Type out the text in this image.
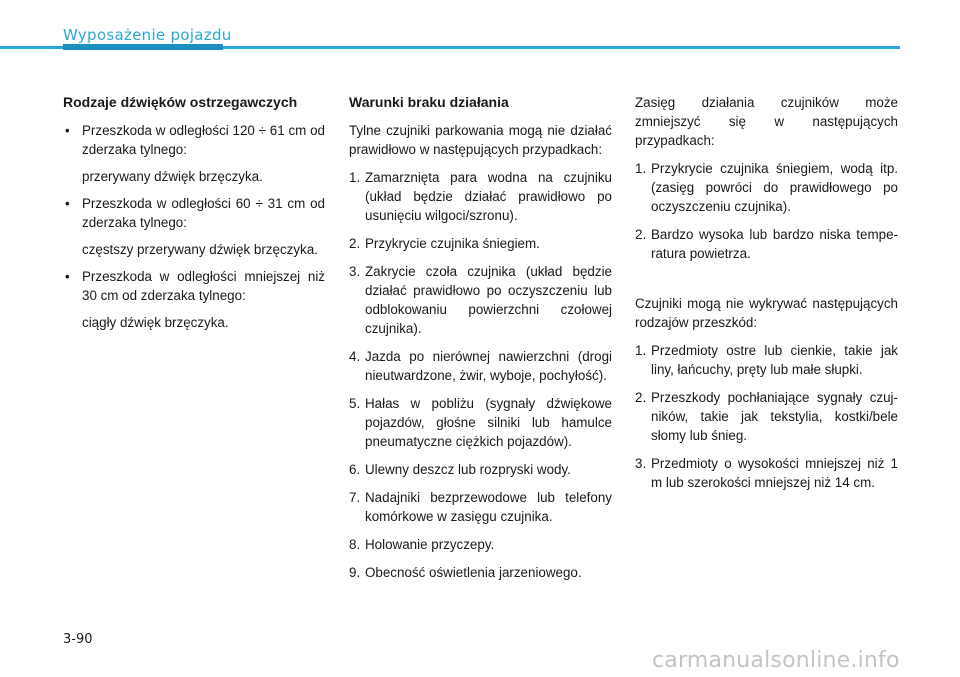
Wyposażenie pojazdu
Rodzaje dźwięków ostrzegawczych
• Przeszkoda w odległości 120 ÷ 61 cm od zderzaka tylnego:
przerywany dźwięk brzęczyka.
• Przeszkoda w odległości 60 ÷ 31 cm od zderzaka tylnego:
częstszy przerywany dźwięk brzęczyka.
• Przeszkoda w odległości mniejszej niż 30 cm od zderzaka tylnego:
ciągły dźwięk brzęczyka.
Warunki braku działania

Tylne czujniki parkowania mogą nie działać prawidłowo w następujących przypadkach:

1. Zamarznięta para wodna na czujniku (układ będzie działać prawidłowo po usunięciu wilgoci/szronu).
2. Przykrycie czujnika śniegiem.
3. Zakrycie czoła czujnika (układ będzie działać prawidłowo po oczyszczeniu lub odblokowaniu powierzchni czołowej czujnika).
4. Jazda po nierównej nawierzchni (drogi nieutwardzone, żwir, wyboje, pochyłość).
5. Hałas w pobliżu (sygnały dźwiękowe pojazdów, głośne silniki lub hamulce pneumatyczne ciężkich pojazdów).
6. Ulewny deszcz lub rozpryski wody.
7. Nadajniki bezprzewodowe lub telefony komórkowe w zasięgu czujnika.
8. Holowanie przyczepy.
9. Obecność oświetlenia jarzeniowego.

Zasięg działania czujników może zmniejszyć się w następujących przypadkach:

1. Przykrycie czujnika śniegiem, wodą itp. (zasięg powróci do prawidłowego po oczyszczeniu czujnika).
2. Bardzo wysoka lub bardzo niska temperatura powietrza.

Czujniki mogą nie wykrywać następujących rodzajów przeszkód:

1. Przedmioty ostre lub cienkie, takie jak liny, łańcuchy, pręty lub małe słupki.
2. Przeszkody pochłaniające sygnały czujników, takie jak tekstylia, kostki/bele słomy lub śnieg.
3. Przedmioty o wysokości mniejszej niż 1 m lub szerokości mniejszej niż 14 cm.
3-90
carmanualsonline.info
